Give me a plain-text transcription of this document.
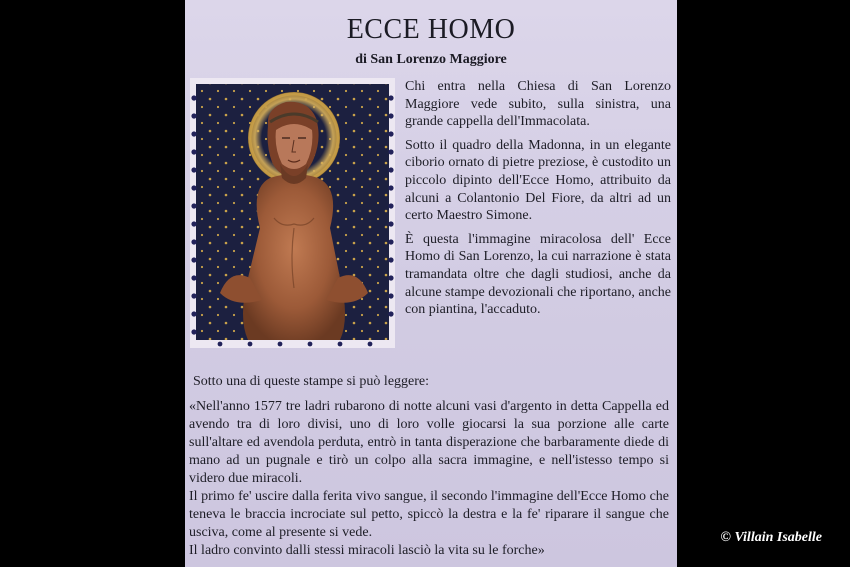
ECCE HOMO
di San Lorenzo Maggiore

Chi entra nella Chiesa di San Lorenzo Maggiore vede subito, sulla sinistra, una grande cappella dell'Immacolata.

Sotto il quadro della Madonna, in un elegante ciborio ornato di pietre preziose, è custodito un piccolo dipinto dell'Ecce Homo, attribuito da alcuni a Colantonio Del Fiore, da altri ad un certo Maestro Simone.

È questa l'immagine miracolosa dell' Ecce Homo di San Lorenzo, la cui narrazione è stata tramandata oltre che dagli studiosi, anche da alcune stampe devozionali che riportano, anche con piantina, l'accaduto.

Sotto una di queste stampe si può leggere:

«Nell'anno 1577 tre ladri rubarono di notte alcuni vasi d'argento in detta Cappella ed avendo tra di loro divisi, uno di loro volle giocarsi la sua porzione alle carte sull'altare ed avendola perduta, entrò in tanta disperazione che barbaramente diede di mano ad un pugnale e tirò un colpo alla sacra immagine, e nell'istesso tempo si videro due miracoli.

Il primo fe' uscire dalla ferita vivo sangue, il secondo l'immagine dell'Ecce Homo che teneva le braccia incrociate sul petto, spiccò la destra e la fe' riparare il sangue che usciva, come al presente si vede.

Il ladro convinto dalli stessi miracoli lasciò la vita su le forche»

© Villain Isabelle
